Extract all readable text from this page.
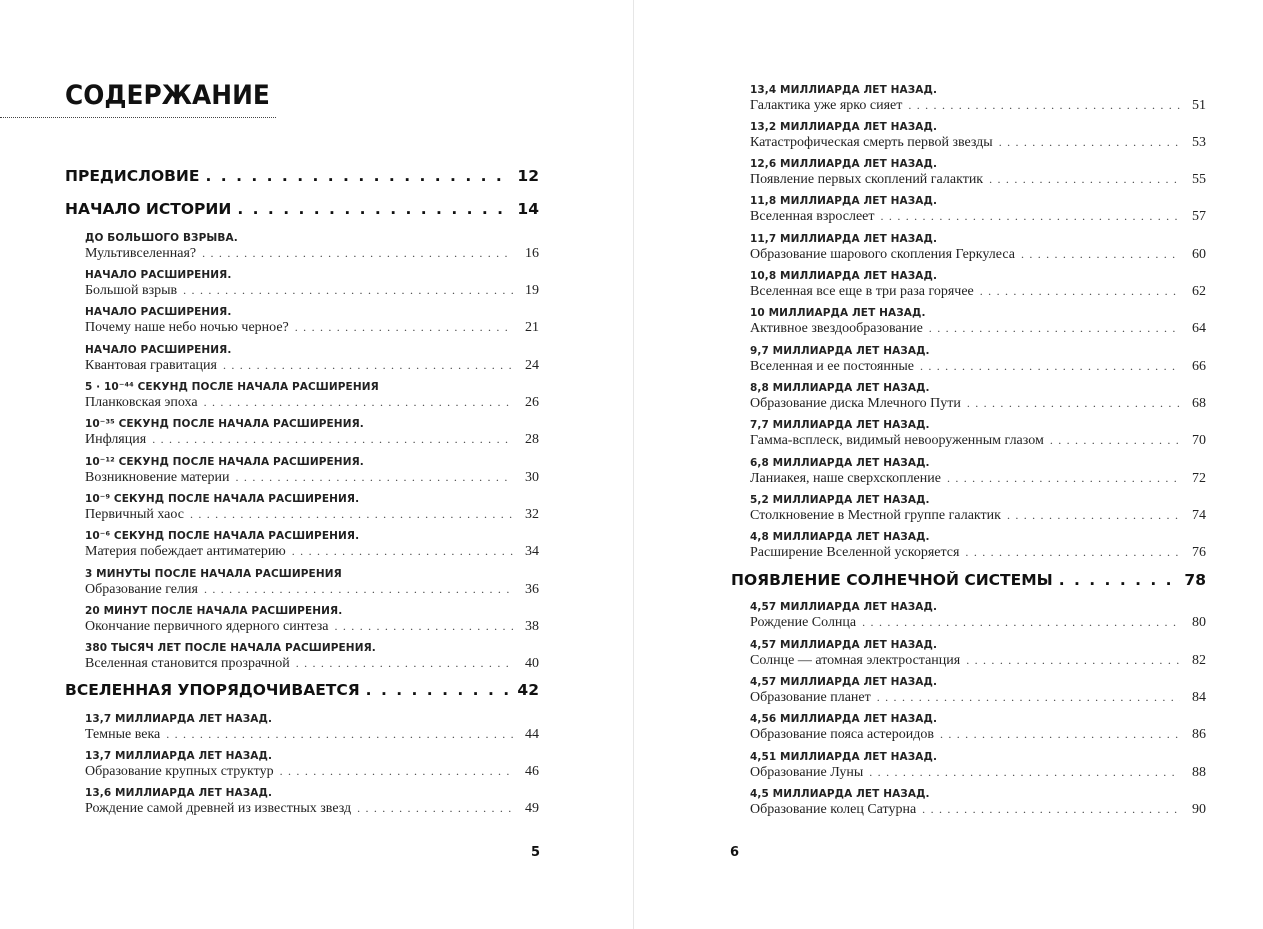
СОДЕРЖАНИЕ
ПРЕДИСЛОВИЕ . . .	12
НАЧАЛО ИСТОРИИ . . .	14
ДО БОЛЬШОГО ВЗРЫВА.
Мультивселенная? . . .	16
НАЧАЛО РАСШИРЕНИЯ.
Большой взрыв . . .	19
НАЧАЛО РАСШИРЕНИЯ.
Почему наше небо ночью черное? . . .	21
НАЧАЛО РАСШИРЕНИЯ.
Квантовая гравитация . . .	24
5 · 10⁻⁴⁴ СЕКУНД ПОСЛЕ НАЧАЛА РАСШИРЕНИЯ
Планковская эпоха . . .	26
10⁻³⁵ СЕКУНД ПОСЛЕ НАЧАЛА РАСШИРЕНИЯ.
Инфляция . . .	28
10⁻¹² СЕКУНД ПОСЛЕ НАЧАЛА РАСШИРЕНИЯ.
Возникновение материи . . .	30
10⁻⁹ СЕКУНД ПОСЛЕ НАЧАЛА РАСШИРЕНИЯ.
Первичный хаос . . .	32
10⁻⁶ СЕКУНД ПОСЛЕ НАЧАЛА РАСШИРЕНИЯ.
Материя побеждает антиматерию . . .	34
3 МИНУТЫ ПОСЛЕ НАЧАЛА РАСШИРЕНИЯ
Образование гелия . . .	36
20 МИНУТ ПОСЛЕ НАЧАЛА РАСШИРЕНИЯ.
Окончание первичного ядерного синтеза . . .	38
380 ТЫСЯЧ ЛЕТ ПОСЛЕ НАЧАЛА РАСШИРЕНИЯ.
Вселенная становится прозрачной . . .	40
ВСЕЛЕННАЯ УПОРЯДОЧИВАЕТСЯ . . .	42
13,7 МИЛЛИАРДА ЛЕТ НАЗАД.
Темные века . . .	44
13,7 МИЛЛИАРДА ЛЕТ НАЗАД.
Образование крупных структур . . .	46
13,6 МИЛЛИАРДА ЛЕТ НАЗАД.
Рождение самой древней из известных звезд . . .	49
5
13,4 МИЛЛИАРДА ЛЕТ НАЗАД.
Галактика уже ярко сияет . . .	51
13,2 МИЛЛИАРДА ЛЕТ НАЗАД.
Катастрофическая смерть первой звезды . . .	53
12,6 МИЛЛИАРДА ЛЕТ НАЗАД.
Появление первых скоплений галактик . . .	55
11,8 МИЛЛИАРДА ЛЕТ НАЗАД.
Вселенная взрослеет . . .	57
11,7 МИЛЛИАРДА ЛЕТ НАЗАД.
Образование шарового скопления Геркулеса . . .	60
10,8 МИЛЛИАРДА ЛЕТ НАЗАД.
Вселенная все еще в три раза горячее . . .	62
10 МИЛЛИАРДА ЛЕТ НАЗАД.
Активное звездообразование . . .	64
9,7 МИЛЛИАРДА ЛЕТ НАЗАД.
Вселенная и ее постоянные . . .	66
8,8 МИЛЛИАРДА ЛЕТ НАЗАД.
Образование диска Млечного Пути . . .	68
7,7 МИЛЛИАРДА ЛЕТ НАЗАД.
Гамма-всплеск, видимый невооруженным глазом . . .	70
6,8 МИЛЛИАРДА ЛЕТ НАЗАД.
Ланиакея, наше сверхскопление . . .	72
5,2 МИЛЛИАРДА ЛЕТ НАЗАД.
Столкновение в Местной группе галактик . . .	74
4,8 МИЛЛИАРДА ЛЕТ НАЗАД.
Расширение Вселенной ускоряется . . .	76
ПОЯВЛЕНИЕ СОЛНЕЧНОЙ СИСТЕМЫ . . .	78
4,57 МИЛЛИАРДА ЛЕТ НАЗАД.
Рождение Солнца . . .	80
4,57 МИЛЛИАРДА ЛЕТ НАЗАД.
Солнце — атомная электростанция . . .	82
4,57 МИЛЛИАРДА ЛЕТ НАЗАД.
Образование планет . . .	84
4,56 МИЛЛИАРДА ЛЕТ НАЗАД.
Образование пояса астероидов . . .	86
4,51 МИЛЛИАРДА ЛЕТ НАЗАД.
Образование Луны . . .	88
4,5 МИЛЛИАРДА ЛЕТ НАЗАД.
Образование колец Сатурна . . .	90
6
